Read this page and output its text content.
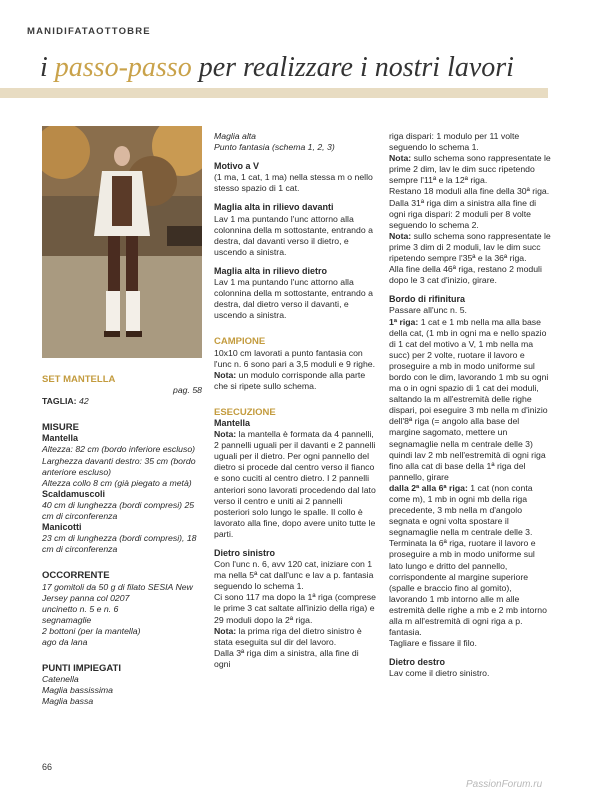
MANIDIFATAOTTOBRE
i passo-passo per realizzare i nostri lavori

SET MANTELLA

pag. 58

TAGLIA: 42

MISURE

Mantella

Altezza: 82 cm (bordo inferiore escluso)

Larghezza davanti destro: 35 cm (bordo anteriore escluso)

Altezza collo 8 cm (già piegato a metà)

Scaldamuscoli

40 cm di lunghezza (bordi compresi) 25 cm di circonferenza

Manicotti

23 cm di lunghezza (bordi compresi), 18 cm di circonferenza

OCCORRENTE

17 gomitoli da 50 g di filato SESIA New Jersey panna col 0207

uncinetto n. 5 e n. 6

segnamaglie

2 bottoni (per la mantella)

ago da lana

PUNTI IMPIEGATI

Catenella

Maglia bassissima

Maglia bassa

Maglia alta

Punto fantasia (schema 1, 2, 3)

Motivo a V

(1 ma, 1 cat, 1 ma) nella stessa m o nello stesso spazio di 1 cat.

Maglia alta in rilievo davanti

Lav 1 ma puntando l'unc attorno alla colonnina della m sottostante, entrando a destra, dal davanti verso il dietro, e uscendo a sinistra.

Maglia alta in rilievo dietro

Lav 1 ma puntando l'unc attorno alla colonnina della m sottostante, entrando a destra, dal dietro verso il davanti, e uscendo a sinistra.

CAMPIONE

10x10 cm lavorati a punto fantasia con l'unc n. 6 sono pari a 3,5 moduli e 9 righe.

Nota: un modulo corrisponde alla parte che si ripete sullo schema.

ESECUZIONE

Mantella

Nota: la mantella è formata da 4 pannelli, 2 pannelli uguali per il davanti e 2 pannelli uguali per il dietro. Per ogni pannello del dietro si procede dal centro verso il fianco e sono cuciti al centro dietro. I 2 pannelli anteriori sono lavorati procedendo dal lato verso il centro e uniti ai 2 pannelli posteriori solo lungo le spalle. Il collo è lavorato alla fine, dopo avere unito tutte le parti.

Dietro sinistro

Con l'unc n. 6, avv 120 cat, iniziare con 1 ma nella 5ª cat dall'unc e lav a p. fantasia seguendo lo schema 1.

Ci sono 117 ma dopo la 1ª riga (comprese le prime 3 cat saltate all'inizio della riga) e 29 moduli dopo la 2ª riga.

Nota: la prima riga del dietro sinistro è stata eseguita sul dir del lavoro.

Dalla 3ª riga dim a sinistra, alla fine di ogni

riga dispari: 1 modulo per 11 volte seguendo lo schema 1.

Nota: sullo schema sono rappresentate le prime 2 dim, lav le dim succ ripetendo sempre l'11ª e la 12ª riga.

Restano 18 moduli alla fine della 30ª riga.

Dalla 31ª riga dim a sinistra alla fine di ogni riga dispari: 2 moduli per 8 volte seguendo lo schema 2.

Nota: sullo schema sono rappresentate le prime 3 dim di 2 moduli, lav le dim succ ripetendo sempre l'35ª e la 36ª riga.

Alla fine della 46ª riga, restano 2 moduli dopo le 3 cat d'inizio, girare.

Bordo di rifinitura

Passare all'unc n. 5.

1ª riga: 1 cat e 1 mb nella ma alla base della cat, (1 mb in ogni ma e nello spazio di 1 cat del motivo a V, 1 mb nella ma succ) per 2 volte, ruotare il lavoro e proseguire a mb in modo uniforme sul bordo con le dim, lavorando 1 mb su ogni ma o in ogni spazio di 1 cat dei moduli, saltando la m all'estremità delle righe dispari, poi eseguire 3 mb nella m d'inizio dell'8ª riga (= angolo alla base del margine sagomato, mettere un segnamaglie nella m centrale delle 3) quindi lav 2 mb nell'estremità di ogni riga fino alla cat di base della 1ª riga del pannello, girare

dalla 2ª alla 6ª riga: 1 cat (non conta come m), 1 mb in ogni mb della riga precedente, 3 mb nella m d'angolo segnata e ogni volta spostare il segnamaglie nella m centrale delle 3.

Terminata la 6ª riga, ruotare il lavoro e proseguire a mb in modo uniforme sul lato lungo e dritto del pannello, corrispondente al margine superiore (spalle e braccio fino al gomito), lavorando 1 mb intorno alle m alle estremità delle righe a mb e 2 mb intorno alla m all'estremità di ogni riga a p. fantasia.

Tagliare e fissare il filo.

Dietro destro

Lav come il dietro sinistro.

66
PassionForum.ru
